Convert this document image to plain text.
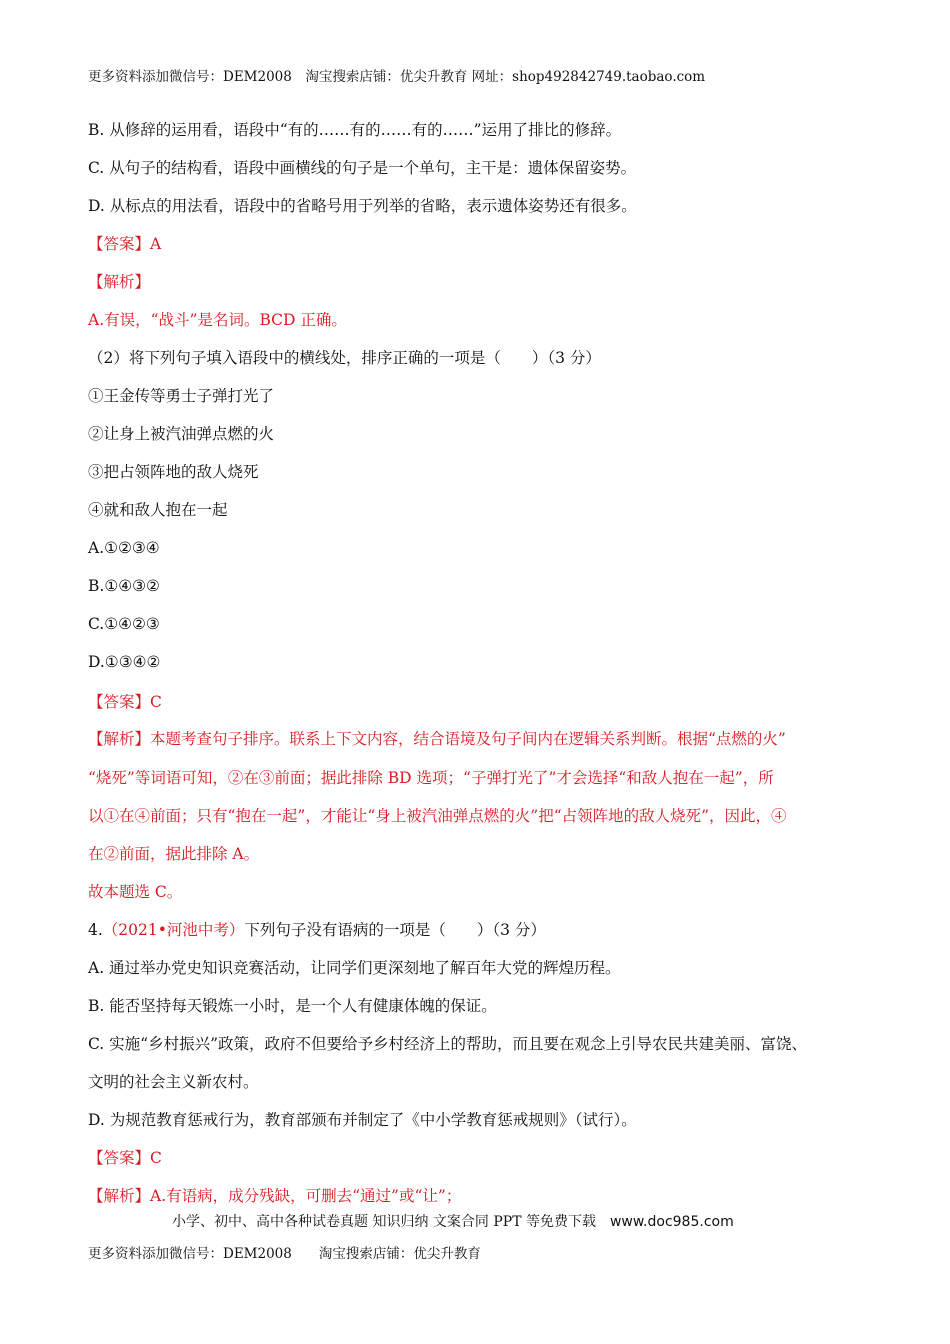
更多资料添加微信号：DEM2008　淘宝搜索店铺：优尖升教育 网址：shop492842749.taobao.com
B. 从修辞的运用看，语段中“有的……有的……有的……”运用了排比的修辞。
C. 从句子的结构看，语段中画横线的句子是一个单句，主干是：遗体保留姿势。
D. 从标点的用法看，语段中的省略号用于列举的省略，表示遗体姿势还有很多。
【答案】A
【解析】
A.有误，“战斗”是名词。BCD 正确。
（2）将下列句子填入语段中的横线处，排序正确的一项是（　　）（3 分）
①王金传等勇士子弹打光了
②让身上被汽油弹点燃的火
③把占领阵地的敌人烧死
④就和敌人抱在一起
A.①②③④
B.①④③②
C.①④②③
D.①③④②
【答案】C
【解析】本题考查句子排序。联系上下文内容，结合语境及句子间内在逻辑关系判断。根据“点燃的火”
“烧死”等词语可知，②在③前面；据此排除 BD 选项；“子弹打光了”才会选择“和敌人抱在一起”，所
以①在④前面；只有“抱在一起”，才能让“身上被汽油弹点燃的火”把“占领阵地的敌人烧死”，因此，④
在②前面，据此排除 A。
故本题选 C。
4.（2021•河池中考）下列句子没有语病的一项是（　　）（3 分）
A. 通过举办党史知识竞赛活动，让同学们更深刻地了解百年大党的辉煌历程。
B. 能否坚持每天锻炼一小时，是一个人有健康体魄的保证。
C. 实施“乡村振兴”政策，政府不但要给予乡村经济上的帮助，而且要在观念上引导农民共建美丽、富饶、
文明的社会主义新农村。
D. 为规范教育惩戒行为，教育部颁布并制定了《中小学教育惩戒规则》（试行）。
【答案】C
【解析】A.有语病，成分残缺，可删去“通过”或“让”；
小学、初中、高中各种试卷真题 知识归纳 文案合同 PPT 等免费下载 www.doc985.com
更多资料添加微信号：DEM2008　　淘宝搜索店铺：优尖升教育
